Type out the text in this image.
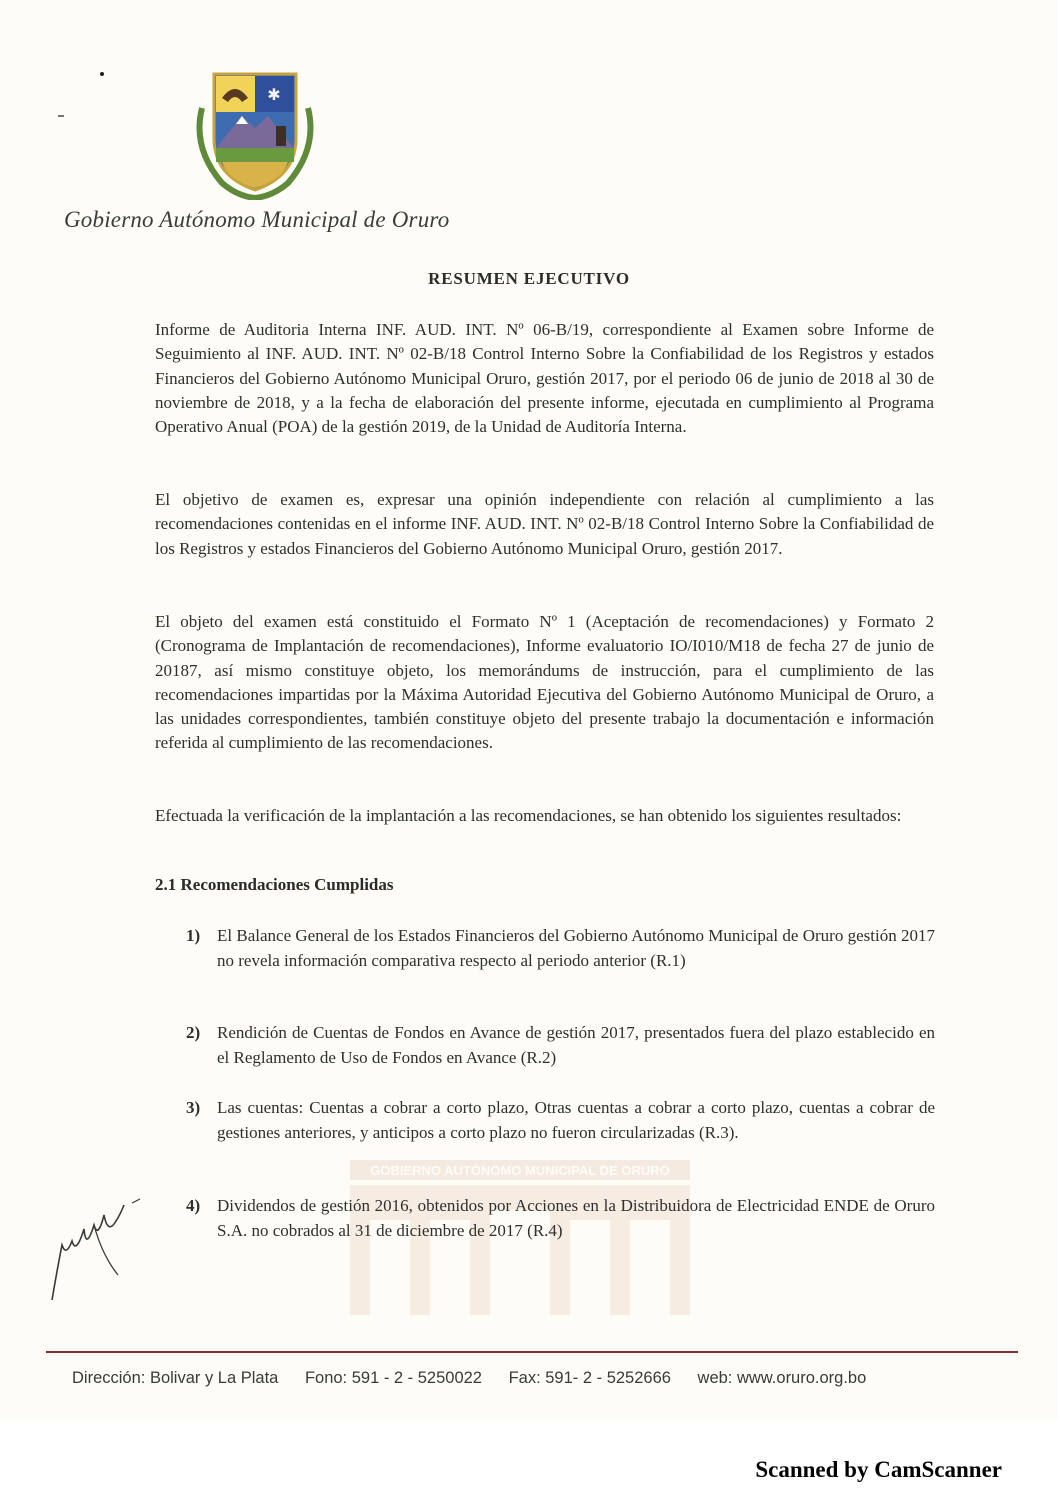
GOBIERNO AUTÓNOMO MUNICIPAL DE ORURO
✱
Gobierno Autónomo Municipal de Oruro
RESUMEN EJECUTIVO
Informe de Auditoria Interna INF. AUD. INT. Nº 06-B/19, correspondiente al Examen sobre Informe de Seguimiento al INF. AUD. INT. Nº 02-B/18 Control Interno Sobre la Confiabilidad de los Registros y estados Financieros del Gobierno Autónomo Municipal Oruro, gestión 2017, por el periodo 06 de junio de 2018 al 30 de noviembre de 2018, y a la fecha de elaboración del presente informe, ejecutada en cumplimiento al Programa Operativo Anual (POA) de la gestión 2019, de la Unidad de Auditoría Interna.
El objetivo de examen es, expresar una opinión independiente con relación al cumplimiento a las recomendaciones contenidas en el informe INF. AUD. INT. Nº 02-B/18 Control Interno Sobre la Confiabilidad de los Registros y estados Financieros del Gobierno Autónomo Municipal Oruro, gestión 2017.
El objeto del examen está constituido el Formato Nº 1 (Aceptación de recomendaciones) y Formato 2 (Cronograma de Implantación de recomendaciones), Informe evaluatorio IO/I010/M18 de fecha 27 de junio de 20187, así mismo constituye objeto, los memorándums de instrucción, para el cumplimiento de las recomendaciones impartidas por la Máxima Autoridad Ejecutiva del Gobierno Autónomo Municipal de Oruro, a las unidades correspondientes, también constituye objeto del presente trabajo la documentación e información referida al cumplimiento de las recomendaciones.
Efectuada la verificación de la implantación a las recomendaciones, se han obtenido los siguientes resultados:
2.1 Recomendaciones Cumplidas
1) El Balance General de los Estados Financieros del Gobierno Autónomo Municipal de Oruro gestión 2017 no revela información comparativa respecto al periodo anterior (R.1)
2) Rendición de Cuentas de Fondos en Avance de gestión 2017, presentados fuera del plazo establecido en el Reglamento de Uso de Fondos en Avance (R.2)
3) Las cuentas: Cuentas a cobrar a corto plazo, Otras cuentas a cobrar a corto plazo, cuentas a cobrar de gestiones anteriores, y anticipos a corto plazo no fueron circularizadas (R.3).
4) Dividendos de gestión 2016, obtenidos por Acciones en la Distribuidora de Electricidad ENDE de Oruro S.A. no cobrados al 31 de diciembre de 2017 (R.4)
Dirección: Bolivar y La Plata Fono: 591 - 2 - 5250022 Fax: 591- 2 - 5252666 web: www.oruro.org.bo
Scanned by CamScanner
